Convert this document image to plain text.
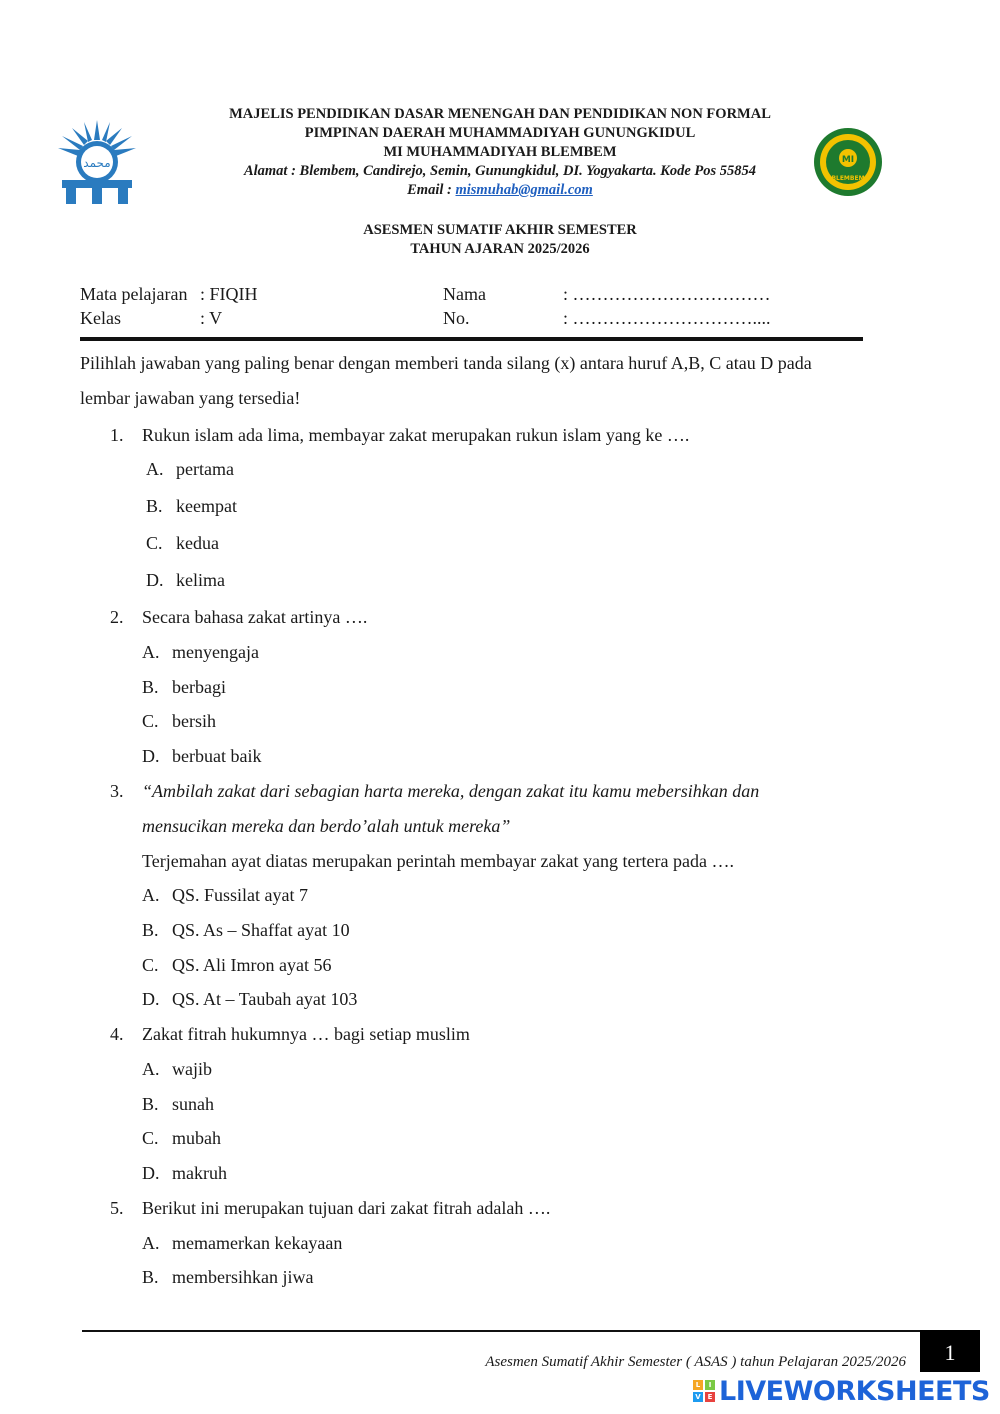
محمد
MAJELIS PENDIDIKAN DASAR MENENGAH DAN PENDIDIKAN NON FORMAL
PIMPINAN DAERAH MUHAMMADIYAH GUNUNGKIDUL
MI MUHAMMADIYAH BLEMBEM
Alamat : Blembem, Candirejo, Semin, Gunungkidul, DI. Yogyakarta. Kode Pos 55854
Email : mismuhab@gmail.com
MI
BLEMBEM
ASESMEN SUMATIF AKHIR SEMESTER
TAHUN AJARAN 2025/2026
Mata pelajaran : FIQIH
Kelas	: V
Nama	: ……………………………
No.	: …………………………....
Pilihlah jawaban yang paling benar dengan memberi tanda silang (x) antara huruf A,B, C atau D pada
lembar jawaban yang tersedia!
1. Rukun islam ada lima, membayar zakat merupakan rukun islam yang ke ….
A. pertama
B. keempat
C. kedua
D. kelima
2. Secara bahasa zakat artinya ….
A. menyengaja
B. berbagi
C. bersih
D. berbuat baik
3. “Ambilah zakat dari sebagian harta mereka, dengan zakat itu kamu mebersihkan dan
mensucikan mereka dan berdo’alah untuk mereka”
Terjemahan ayat diatas merupakan perintah membayar zakat yang tertera pada ….
A. QS. Fussilat ayat 7
B. QS. As – Shaffat ayat 10
C. QS. Ali Imron ayat 56
D. QS. At – Taubah ayat 103
4. Zakat fitrah hukumnya … bagi setiap muslim
A. wajib
B. sunah
C. mubah
D. makruh
5. Berikut ini merupakan tujuan dari zakat fitrah adalah ….
A. memamerkan kekayaan
B. membersihkan jiwa
1
Asesmen Sumatif Akhir Semester ( ASAS ) tahun Pelajaran 2025/2026
L	I
V E LIVEWORKSHEETS
